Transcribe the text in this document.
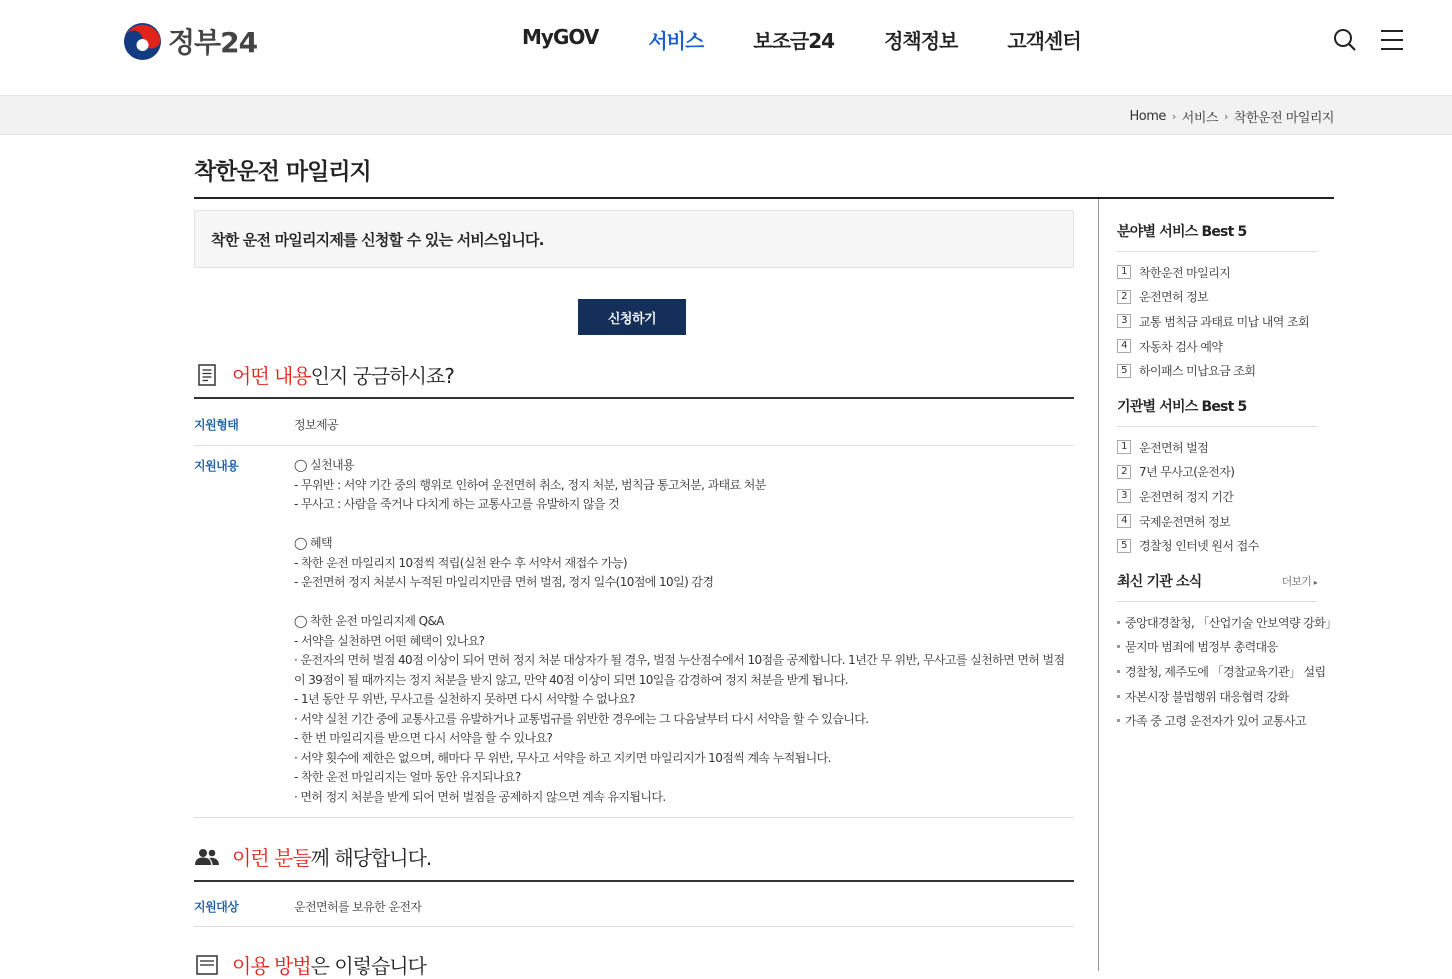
정부24	MyGOV	서비스	보조금24	정책정보	고객센터
Home › 서비스 › 착한운전 마일리지
착한운전 마일리지
착한 운전 마일리지제를 신청할 수 있는 서비스입니다.
신청하기
어떤 내용 인지 궁금하시죠?
지원형태	정보제공
지원내용	◯ 실천내용

- 무위반 : 서약 기간 중의 행위로 인하여 운전면허 취소, 정지 처분, 범칙금 통고처분, 과태료 처분

- 무사고 : 사람을 죽거나 다치게 하는 교통사고를 유발하지 않을 것

◯ 혜택

- 착한 운전 마일리지 10점씩 적립(실천 완수 후 서약서 재접수 가능)

- 운전면허 정지 처분시 누적된 마일리지만큼 면허 벌점, 정지 일수(10점에 10일) 감경

◯ 착한 운전 마일리지제 Q&A

- 서약을 실천하면 어떤 혜택이 있나요?

· 운전자의 면허 벌점 40점 이상이 되어 면허 정지 처분 대상자가 될 경우, 벌점 누산점수에서 10점을 공제합니다. 1년간 무 위반, 무사고를 실천하면 면허 벌점이 39점이 될 때까지는 정지 처분을 받지 않고, 만약 40점 이상이 되면 10일을 감경하여 정지 처분을 받게 됩니다.

- 1년 동안 무 위반, 무사고를 실천하지 못하면 다시 서약할 수 없나요?

· 서약 실천 기간 중에 교통사고를 유발하거나 교통법규를 위반한 경우에는 그 다음날부터 다시 서약을 할 수 있습니다.

- 한 번 마일리지를 받으면 다시 서약을 할 수 있나요?

· 서약 횟수에 제한은 없으며, 해마다 무 위반, 무사고 서약을 하고 지키면 마일리지가 10점씩 계속 누적됩니다.

- 착한 운전 마일리지는 얼마 동안 유지되나요?

· 면허 정지 처분을 받게 되어 면허 벌점을 공제하지 않으면 계속 유지됩니다.

이런 분들 께 해당합니다.
지원대상	운전면허를 보유한 운전자
이용 방법 은 이렇습니다
분야별 서비스 Best 5
1	착한운전 마일리지
2	운전면허 정보
3	교통 범칙금 과태료 미납 내역 조회
4	자동차 검사 예약
5	하이패스 미납요금 조회
기관별 서비스 Best 5
1	운전면허 벌점
2	7년 무사고(운전자)
3	운전면허 정지 기간
4	국제운전면허 정보
5	경찰청 인터넷 원서 접수
최신 기관 소식	더보기 ▸
중앙대경찰청, 「산업기술 안보역량 강화」
묻지마 범죄에 범정부 총력대응
경찰청, 제주도에 「경찰교육기관」 설립
자본시장 불법행위 대응협력 강화
가족 중 고령 운전자가 있어 교통사고
